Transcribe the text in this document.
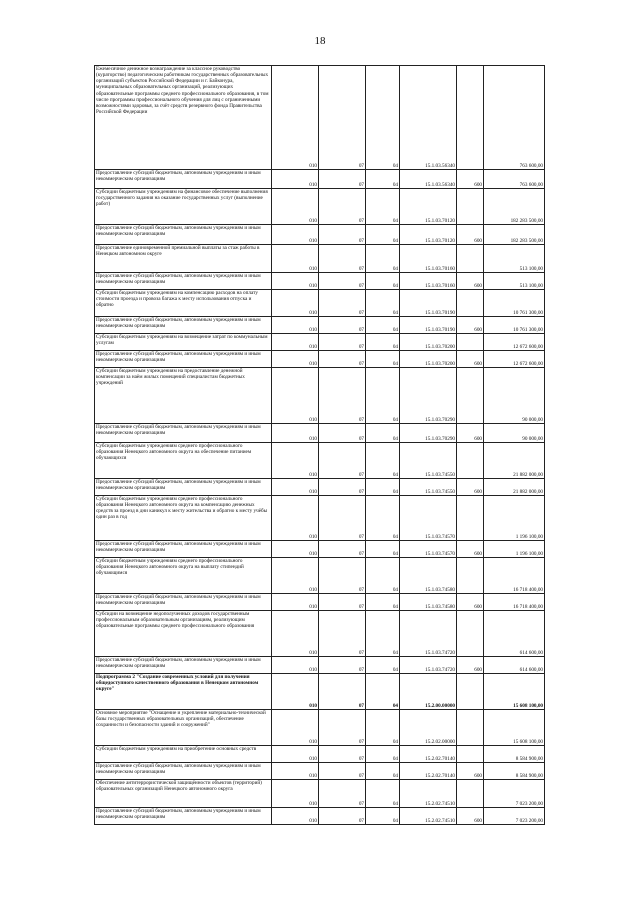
18
Ежемесячное денежное вознаграждение за классное руководство (кураторство) педагогическим работникам государственных образовательных организаций субъектов Российской Федерации и г. Байконура, муниципальных образовательных организаций, реализующих образовательные программы среднего профессионального образования, в том числе программы профессионального обучения для лиц с ограниченными возможностями здоровья, за счёт средств резервного фонда Правительства Российской Федерации	010	07	04	15.1.03.56340		763 600,00
Предоставление субсидий бюджетным, автономным учреждениям и иным некоммерческим организациям	010	07	04	15.1.03.56340	600	763 600,00
Субсидии бюджетным учреждениям на финансовое обеспечение выполнения государственного задания на оказание государственных услуг (выполнение работ)	010	07	04	15.1.03.70120		182 283 500,00
Предоставление субсидий бюджетным, автономным учреждениям и иным некоммерческим организациям	010	07	04	15.1.03.70120	600	182 283 500,00
Предоставление единовременной премиальной выплаты за стаж работы в Ненецком автономном округе	010	07	04	15.1.03.70160		513 100,00
Предоставление субсидий бюджетным, автономным учреждениям и иным некоммерческим организациям	010	07	04	15.1.03.70160	600	513 100,00
Субсидии бюджетным учреждениям на компенсацию расходов на оплату стоимости проезда и провоза багажа к месту использования отпуска и обратно	010	07	04	15.1.03.70190		10 761 300,00
Предоставление субсидий бюджетным, автономным учреждениям и иным некоммерческим организациям	010	07	04	15.1.03.70190	600	10 761 300,00
Субсидии бюджетным учреждениям на возмещение затрат по коммунальным услугам	010	07	04	15.1.03.70200		12 672 600,00
Предоставление субсидий бюджетным, автономным учреждениям и иным некоммерческим организациям	010	07	04	15.1.03.70200	600	12 672 600,00
Субсидии бюджетным учреждениям на предоставление денежной компенсации за наём жилых помещений специалистам бюджетных учреждений	010	07	04	15.1.03.70290		90 000,00
Предоставление субсидий бюджетным, автономным учреждениям и иным некоммерческим организациям	010	07	04	15.1.03.70290	600	90 000,00
Субсидии бюджетным учреждениям среднего профессионального образования Ненецкого автономного округа на обеспечение питанием обучающихся	010	07	04	15.1.03.74550		21 882 000,00
Предоставление субсидий бюджетным, автономным учреждениям и иным некоммерческим организациям	010	07	04	15.1.03.74550	600	21 882 000,00
Субсидии бюджетным учреждениям среднего профессионального образования Ненецкого автономного округа на компенсацию денежных средств за проезд в дни каникул к месту жительства и обратно к месту учёбы один раз в год	010	07	04	15.1.03.74570		1 196 100,00
Предоставление субсидий бюджетным, автономным учреждениям и иным некоммерческим организациям	010	07	04	15.1.03.74570	600	1 196 100,00
Субсидии бюджетным учреждениям среднего профессионального образования Ненецкого автономного округа на выплату стипендий обучающимся	010	07	04	15.1.03.74580		16 718 400,00
Предоставление субсидий бюджетным, автономным учреждениям и иным некоммерческим организациям	010	07	04	15.1.03.74580	600	16 718 400,00
Субсидии на возмещение недополученных доходов государственным профессиональным образовательным организациям, реализующим образовательные программы среднего профессионального образования	010	07	04	15.1.03.74720		614 600,00
Предоставление субсидий бюджетным, автономным учреждениям и иным некоммерческим организациям	010	07	04	15.1.03.74720	600	614 600,00
Подпрограмма 2 "Создание современных условий для получения общедоступного качественного образования в Ненецком автономном округе"	010	07	04	15.2.00.00000		15 608 100,00
Основное мероприятие "Оснащение и укрепление материально-технической базы государственных образовательных организаций, обеспечение сохранности и безопасности зданий и сооружений"	010	07	04	15.2.02.00000		15 608 100,00
Субсидии бюджетным учреждениям на приобретение основных средств	010	07	04	15.2.02.70140		8 584 900,00
Предоставление субсидий бюджетным, автономным учреждениям и иным некоммерческим организациям	010	07	04	15.2.02.70140	600	8 584 900,00
Обеспечение антитеррористической защищённости объектов (территорий) образовательных организаций Ненецкого автономного округа	010	07	04	15.2.02.74510		7 023 200,00
Предоставление субсидий бюджетным, автономным учреждениям и иным некоммерческим организациям	010	07	04	15.2.02.74510	600	7 023 200,00
